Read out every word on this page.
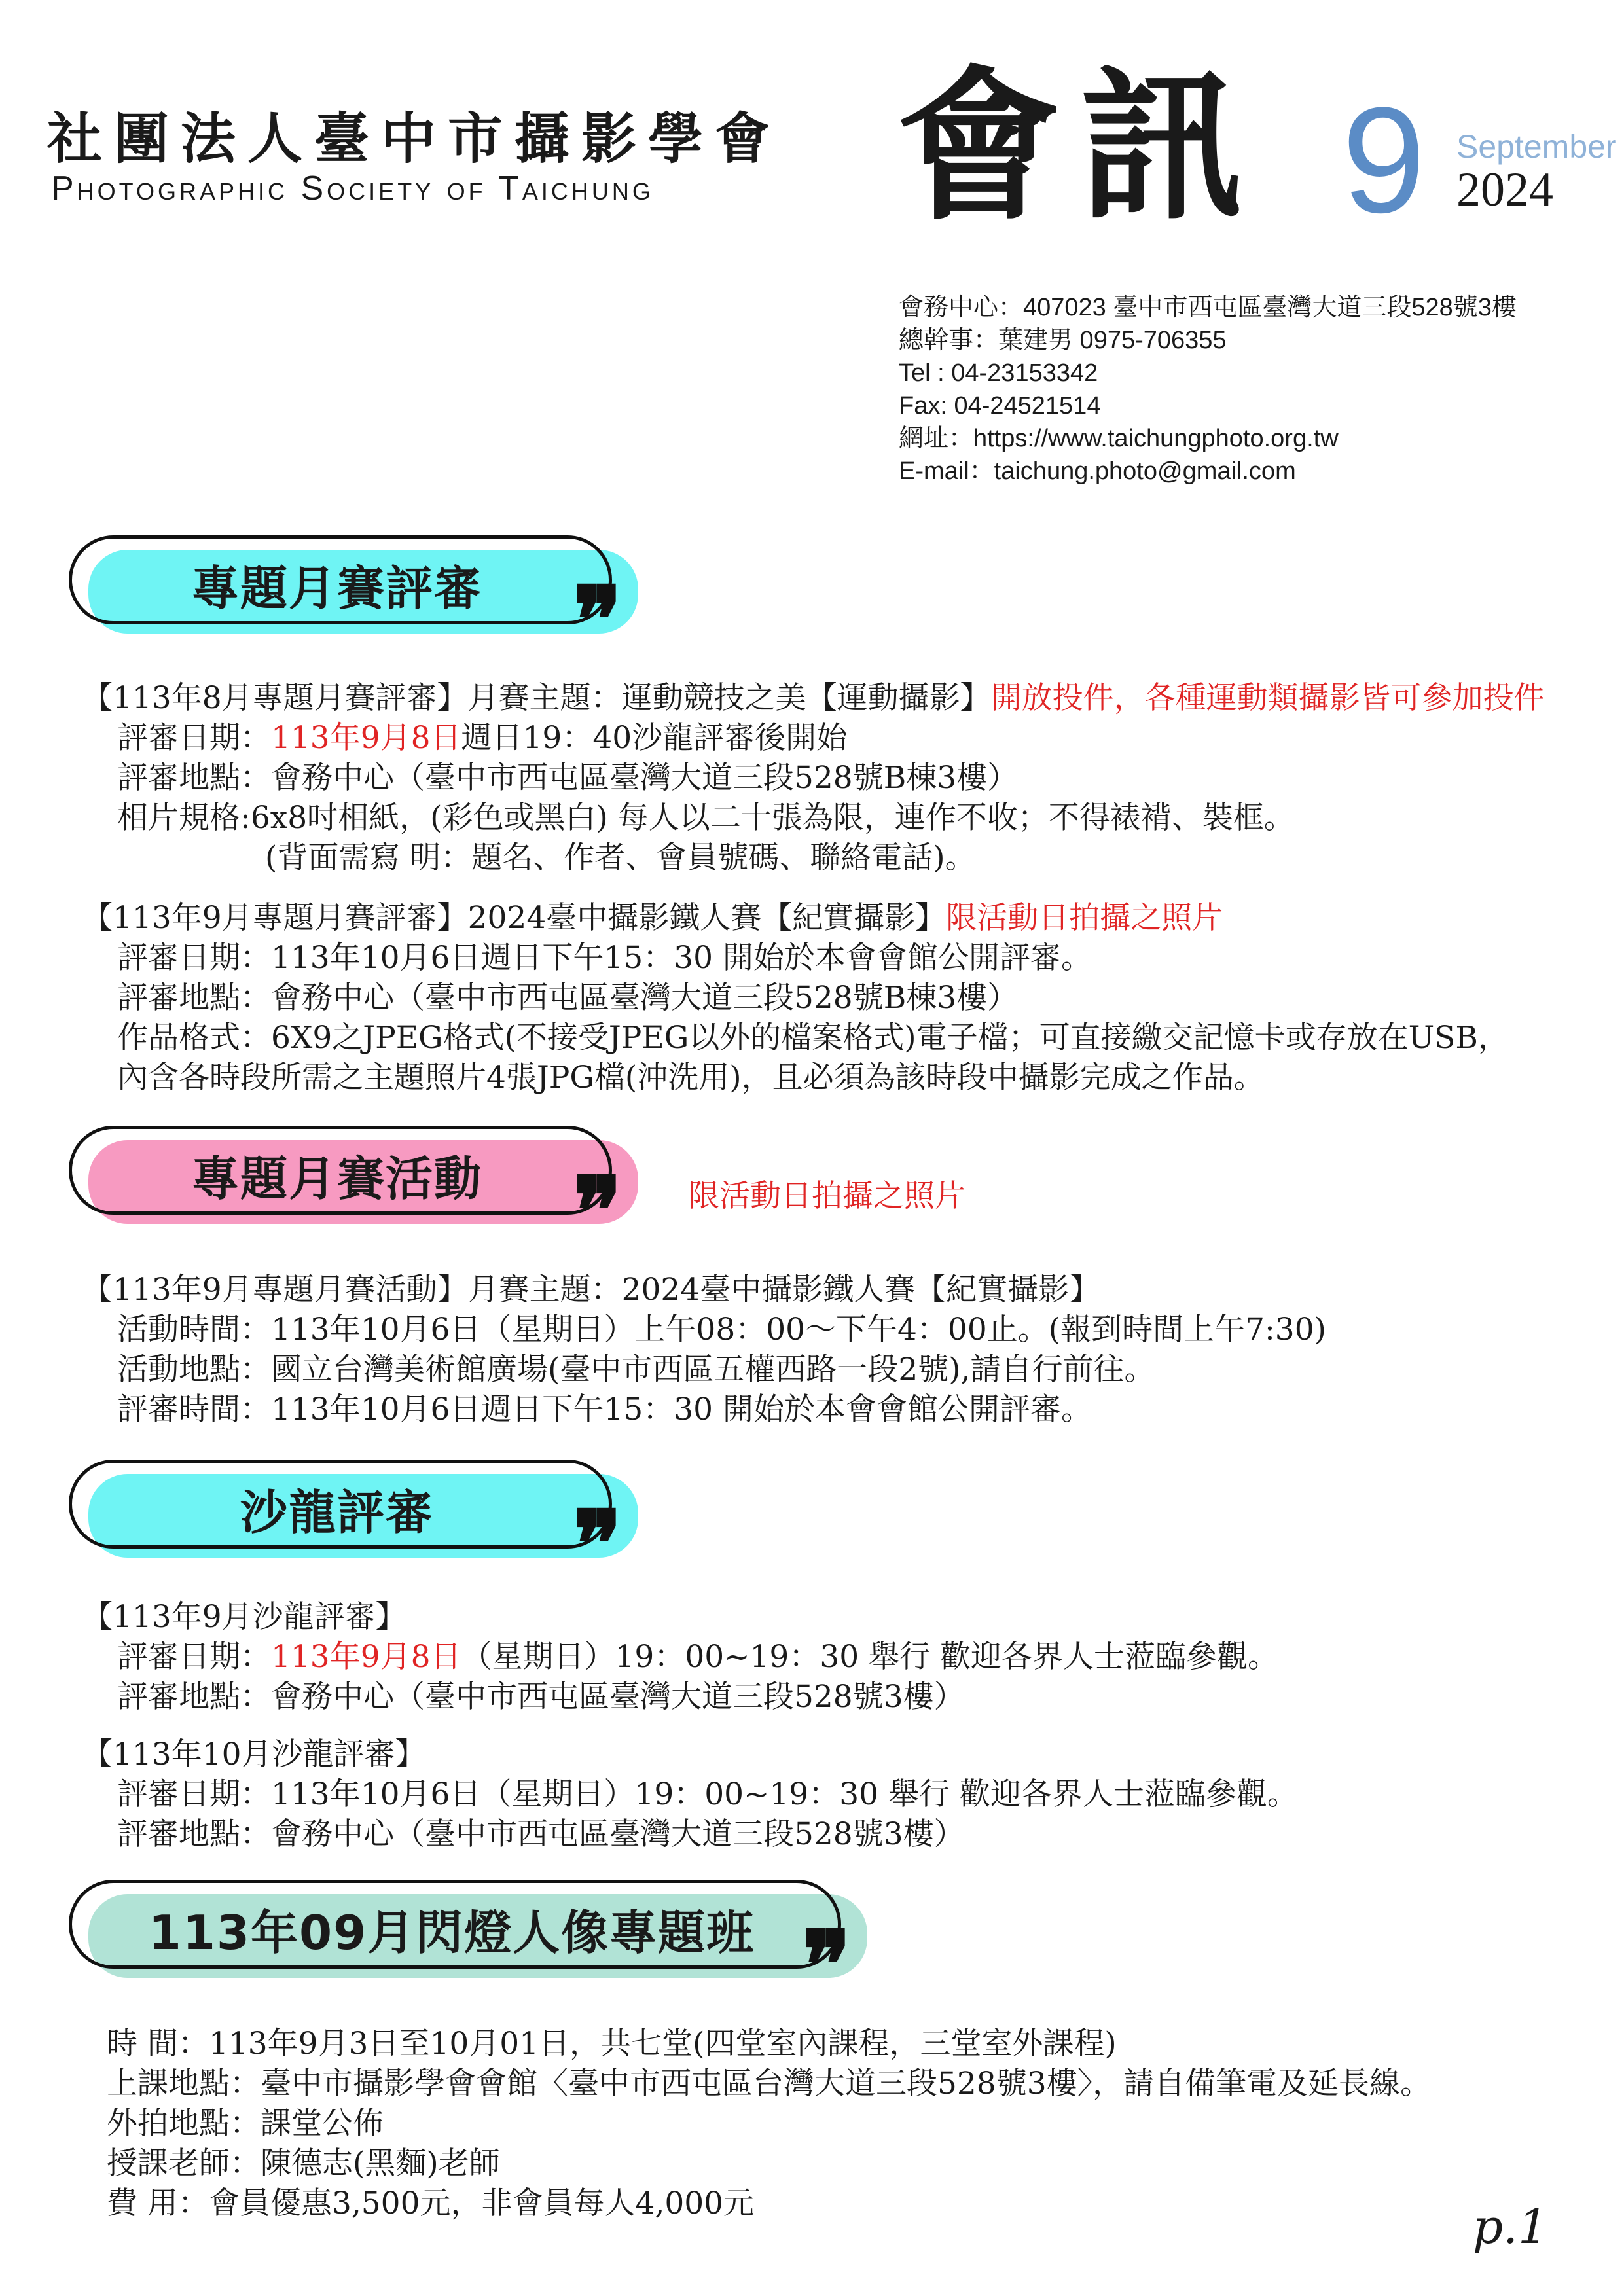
社團法人臺中市攝影學會
Photographic Society of Taichung 會訊 9 September
2024
會務中心：407023 臺中市西屯區臺灣大道三段528號3樓
總幹事：葉建男 0975-706355
Tel : 04-23153342
Fax: 04-24521514
網址：https://www.taichungphoto.org.tw
E-mail：taichung.photo@gmail.com
專題月賽評審 ❞
【113年8月專題月賽評審】月賽主題：運動競技之美【運動攝影】開放投件，各種運動類攝影皆可參加投件
評審日期：113年9月8日週日19：40沙龍評審後開始
評審地點：會務中心（臺中市西屯區臺灣大道三段528號B棟3樓）
相片規格:6x8吋相紙，(彩色或黑白) 每人以二十張為限，連作不收；不得裱褙、裝框。
(背面需寫 明：題名、作者、會員號碼、聯絡電話)。
【113年9月專題月賽評審】2024臺中攝影鐵人賽【紀實攝影】限活動日拍攝之照片
評審日期：113年10月6日週日下午15：30 開始於本會會館公開評審。
評審地點：會務中心（臺中市西屯區臺灣大道三段528號B棟3樓）
作品格式：6X9之JPEG格式(不接受JPEG以外的檔案格式)電子檔；可直接繳交記憶卡或存放在USB，
內含各時段所需之主題照片4張JPG檔(沖洗用)，且必須為該時段中攝影完成之作品。
專題月賽活動 ❞ 限活動日拍攝之照片
【113年9月專題月賽活動】月賽主題：2024臺中攝影鐵人賽【紀實攝影】
活動時間：113年10月6日（星期日）上午08：00～下午4：00止。(報到時間上午7:30)
活動地點：國立台灣美術館廣場(臺中市西區五權西路一段2號),請自行前往。
評審時間：113年10月6日週日下午15：30 開始於本會會館公開評審。
沙龍評審	❞
【113年9月沙龍評審】
評審日期：113年9月8日（星期日）19：00~19：30 舉行 歡迎各界人士蒞臨參觀。
評審地點：會務中心（臺中市西屯區臺灣大道三段528號3樓）
【113年10月沙龍評審】
評審日期：113年10月6日（星期日）19：00~19：30 舉行 歡迎各界人士蒞臨參觀。
評審地點：會務中心（臺中市西屯區臺灣大道三段528號3樓）
113年09月閃燈人像專題班 ❞
時 間：113年9月3日至10月01日，共七堂(四堂室內課程，三堂室外課程)
上課地點：臺中市攝影學會會館〈臺中市西屯區台灣大道三段528號3樓〉，請自備筆電及延長線。
外拍地點：課堂公佈
授課老師：陳德志(黑麵)老師
費 用：會員優惠3,500元，非會員每人4,000元	p.1
